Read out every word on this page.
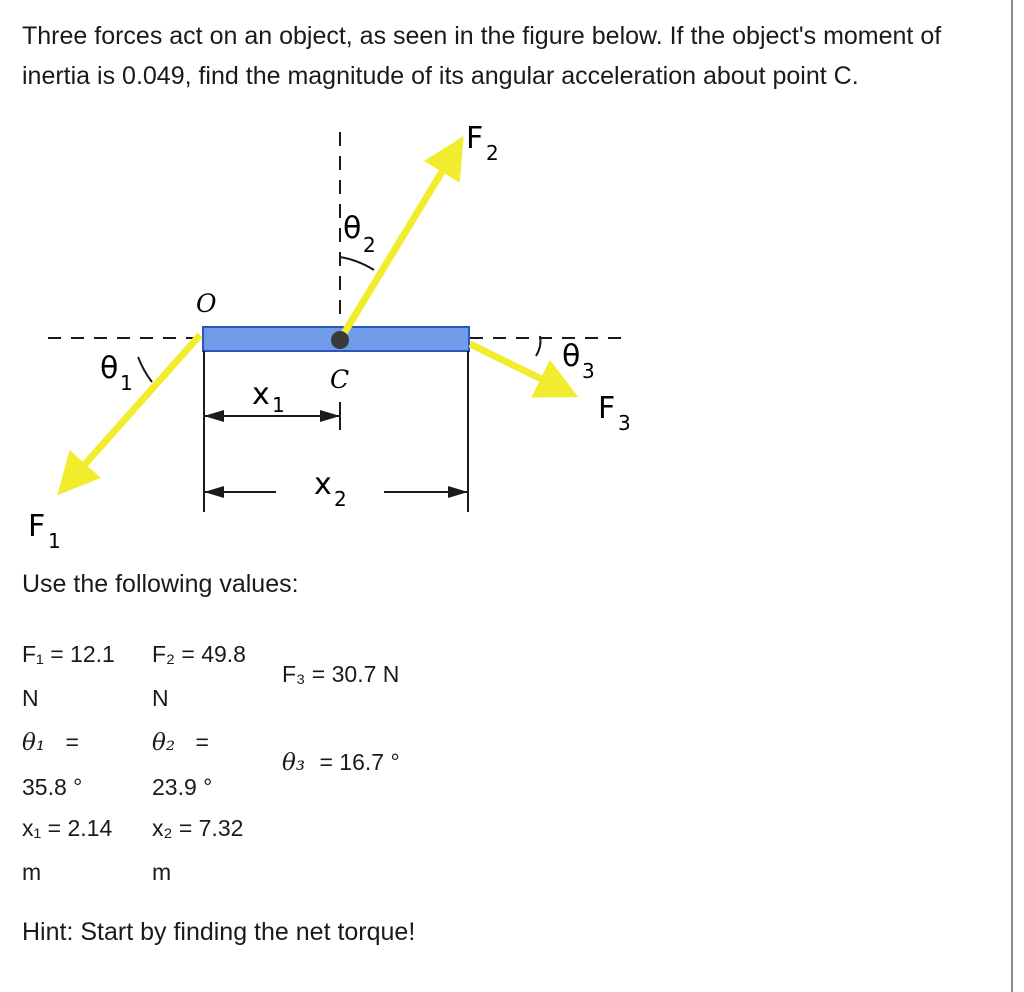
Three forces act on an object, as seen in the figure below. If the object's moment of inertia is 0.049, find the magnitude of its angular acceleration about point C.

O
C
F 2
F 1
F 3
θ 1
θ 2
θ 3
x 1
x 2

Use the following values:

F₁ = 12.1
N
F₂ = 49.8
N
F₃ = 30.7 N
θ₁ =
35.8 °
θ₂ =
23.9 °
θ₃ = 16.7 °
x₁ = 2.14
m
x₂ = 7.32
m

Hint: Start by finding the net torque!
